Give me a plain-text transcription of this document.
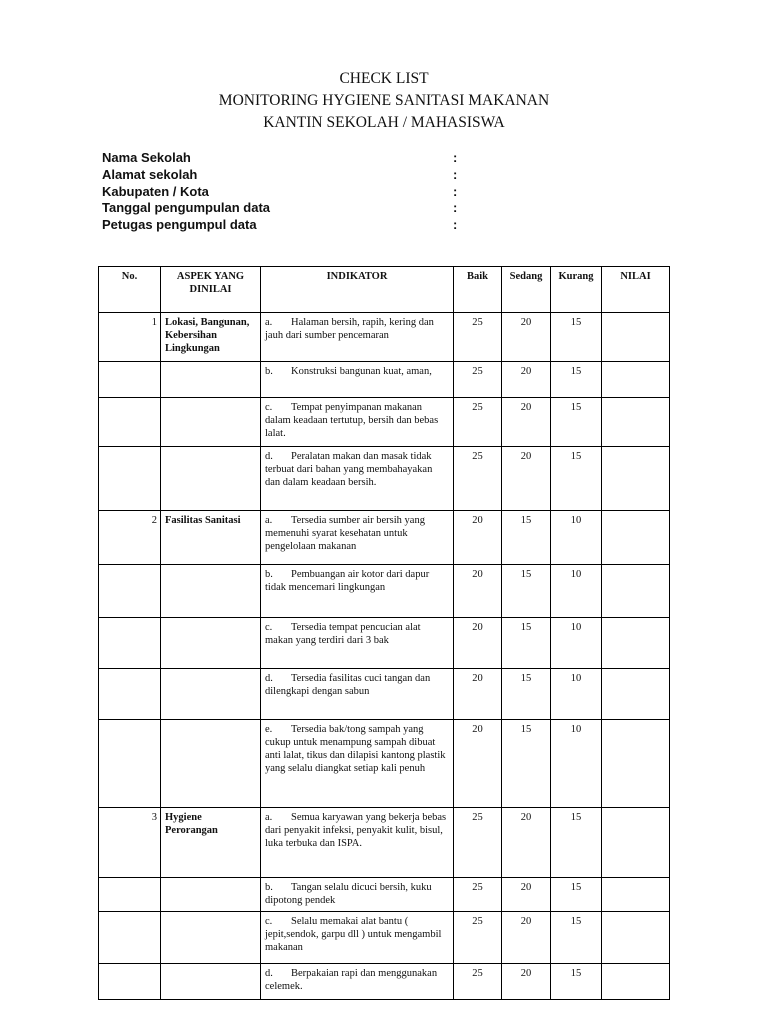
CHECK LIST
MONITORING HYGIENE SANITASI MAKANAN
KANTIN SEKOLAH / MAHASISWA
Nama Sekolah	:
Alamat sekolah	:
Kabupaten / Kota	:
Tanggal pengumpulan data	:
Petugas pengumpul data	:
No.	ASPEK YANG DINILAI	INDIKATOR	Baik	Sedang	Kurang	NILAI
1	Lokasi, Bangunan, Kebersihan Lingkungan	a. Halaman bersih, rapih, kering dan jauh dari sumber pencemaran	25	20	15	
		b. Konstruksi bangunan kuat, aman,	25	20	15	
		c. Tempat penyimpanan makanan dalam keadaan tertutup, bersih dan bebas lalat.	25	20	15	
		d. Peralatan makan dan masak tidak terbuat dari bahan yang membahayakan dan dalam keadaan bersih.	25	20	15	
2	Fasilitas Sanitasi	a. Tersedia sumber air bersih yang memenuhi syarat kesehatan untuk pengelolaan makanan	20	15	10	
		b. Pembuangan air kotor dari dapur tidak mencemari lingkungan	20	15	10	
		c. Tersedia tempat pencucian alat makan yang terdiri dari 3 bak	20	15	10	
		d. Tersedia fasilitas cuci tangan dan dilengkapi dengan sabun	20	15	10	
		e. Tersedia bak/tong sampah yang cukup untuk menampung sampah dibuat anti lalat, tikus dan dilapisi kantong plastik yang selalu diangkat setiap kali penuh	20	15	10	
3	Hygiene Perorangan	a. Semua karyawan yang bekerja bebas dari penyakit infeksi, penyakit kulit, bisul, luka terbuka dan ISPA.	25	20	15	
		b. Tangan selalu dicuci bersih, kuku dipotong pendek	25	20	15	
		c. Selalu memakai alat bantu ( jepit,sendok, garpu dll ) untuk mengambil makanan	25	20	15	
		d. Berpakaian rapi dan menggunakan celemek.	25	20	15	
